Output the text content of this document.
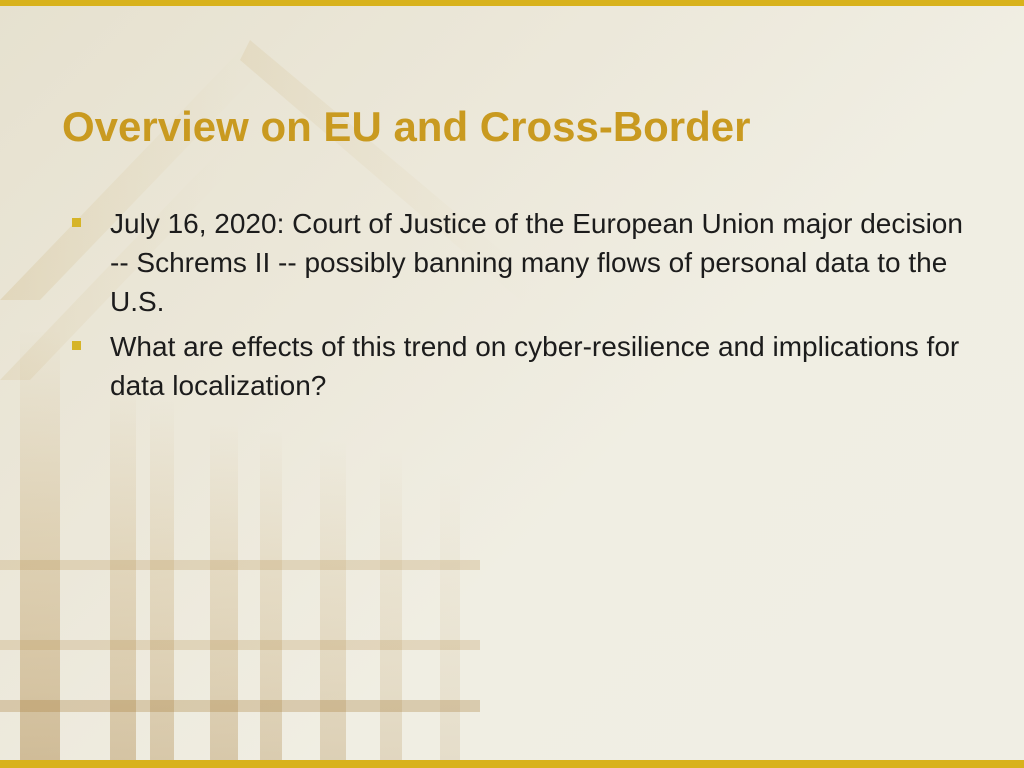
Overview on EU and Cross-Border
July 16, 2020: Court of Justice of the European Union major decision -- Schrems II -- possibly banning many flows of personal data to the U.S.
What are effects of this trend on cyber-resilience and implications for data localization?
